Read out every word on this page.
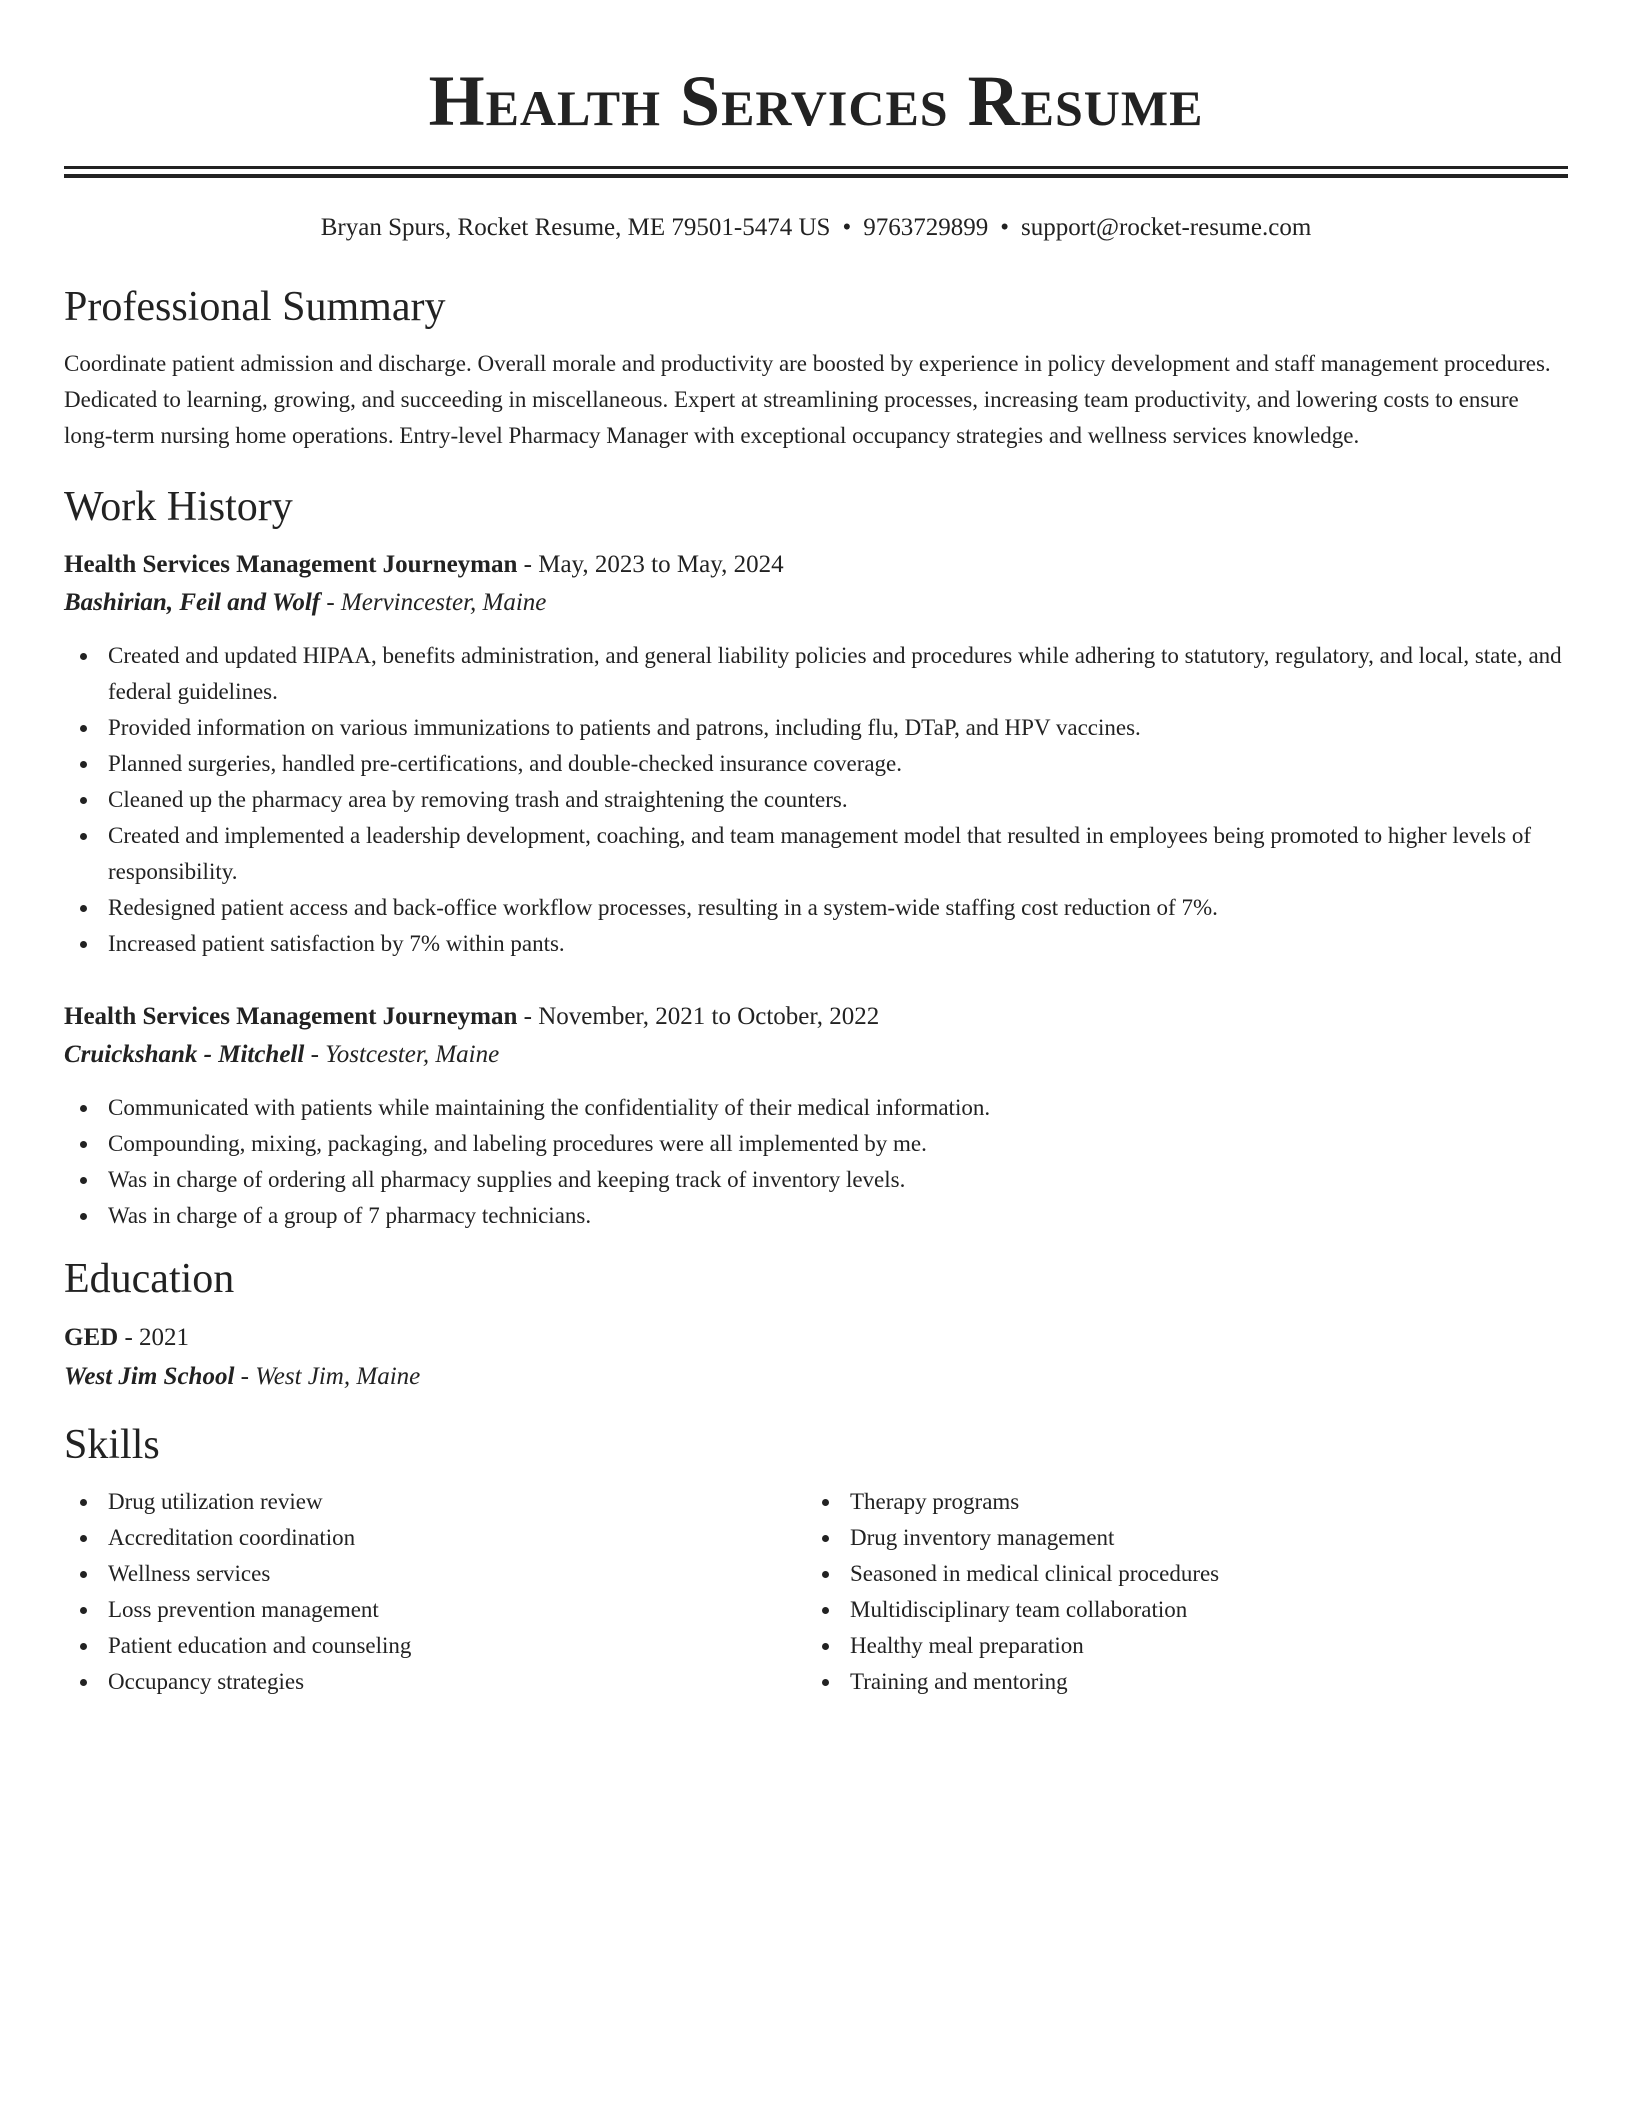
Health Services Resume
Bryan Spurs, Rocket Resume, ME 79501-5474 US • 9763729899 • support@rocket-resume.com
Professional Summary
Coordinate patient admission and discharge. Overall morale and productivity are boosted by experience in policy development and staff management procedures. Dedicated to learning, growing, and succeeding in miscellaneous. Expert at streamlining processes, increasing team productivity, and lowering costs to ensure long-term nursing home operations. Entry-level Pharmacy Manager with exceptional occupancy strategies and wellness services knowledge.
Work History
Health Services Management Journeyman - May, 2023 to May, 2024
Bashirian, Feil and Wolf - Mervincester, Maine
Created and updated HIPAA, benefits administration, and general liability policies and procedures while adhering to statutory, regulatory, and local, state, and federal guidelines.
Provided information on various immunizations to patients and patrons, including flu, DTaP, and HPV vaccines.
Planned surgeries, handled pre-certifications, and double-checked insurance coverage.
Cleaned up the pharmacy area by removing trash and straightening the counters.
Created and implemented a leadership development, coaching, and team management model that resulted in employees being promoted to higher levels of responsibility.
Redesigned patient access and back-office workflow processes, resulting in a system-wide staffing cost reduction of 7%.
Increased patient satisfaction by 7% within pants.
Health Services Management Journeyman - November, 2021 to October, 2022
Cruickshank - Mitchell - Yostcester, Maine
Communicated with patients while maintaining the confidentiality of their medical information.
Compounding, mixing, packaging, and labeling procedures were all implemented by me.
Was in charge of ordering all pharmacy supplies and keeping track of inventory levels.
Was in charge of a group of 7 pharmacy technicians.
Education
GED - 2021
West Jim School - West Jim, Maine
Skills
Drug utilization review
Accreditation coordination
Wellness services
Loss prevention management
Patient education and counseling
Occupancy strategies
Therapy programs
Drug inventory management
Seasoned in medical clinical procedures
Multidisciplinary team collaboration
Healthy meal preparation
Training and mentoring
